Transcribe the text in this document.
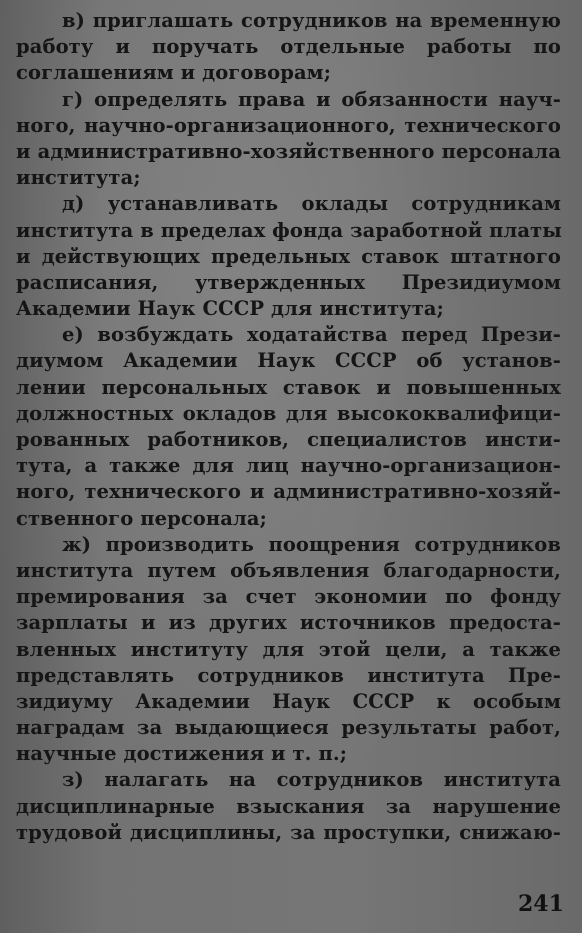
в) приглашать сотрудников на временную
работу и поручать отдельные работы по
соглашениям и договорам;
г) определять права и обязанности науч-
ного, научно-организационного, технического
и административно-хозяйственного персонала
института;
д) устанавливать оклады сотрудникам
института в пределах фонда заработной платы
и действующих предельных ставок штатного
расписания, утвержденных Президиумом
Академии Наук СССР для института;
е) возбуждать ходатайства перед Прези-
диумом Академии Наук СССР об установ-
лении персональных ставок и повышенных
должностных окладов для высококвалифици-
рованных работников, специалистов инсти-
тута, а также для лиц научно-организацион-
ного, технического и административно-хозяй-
ственного персонала;
ж) производить поощрения сотрудников
института путем объявления благодарности,
премирования за счет экономии по фонду
зарплаты и из других источников предоста-
вленных институту для этой цели, а также
представлять сотрудников института Пре-
зидиуму Академии Наук СССР к особым
наградам за выдающиеся результаты работ,
научные достижения и т. п.;
з) налагать на сотрудников института
дисциплинарные взыскания за нарушение
трудовой дисциплины, за проступки, снижаю-
241
